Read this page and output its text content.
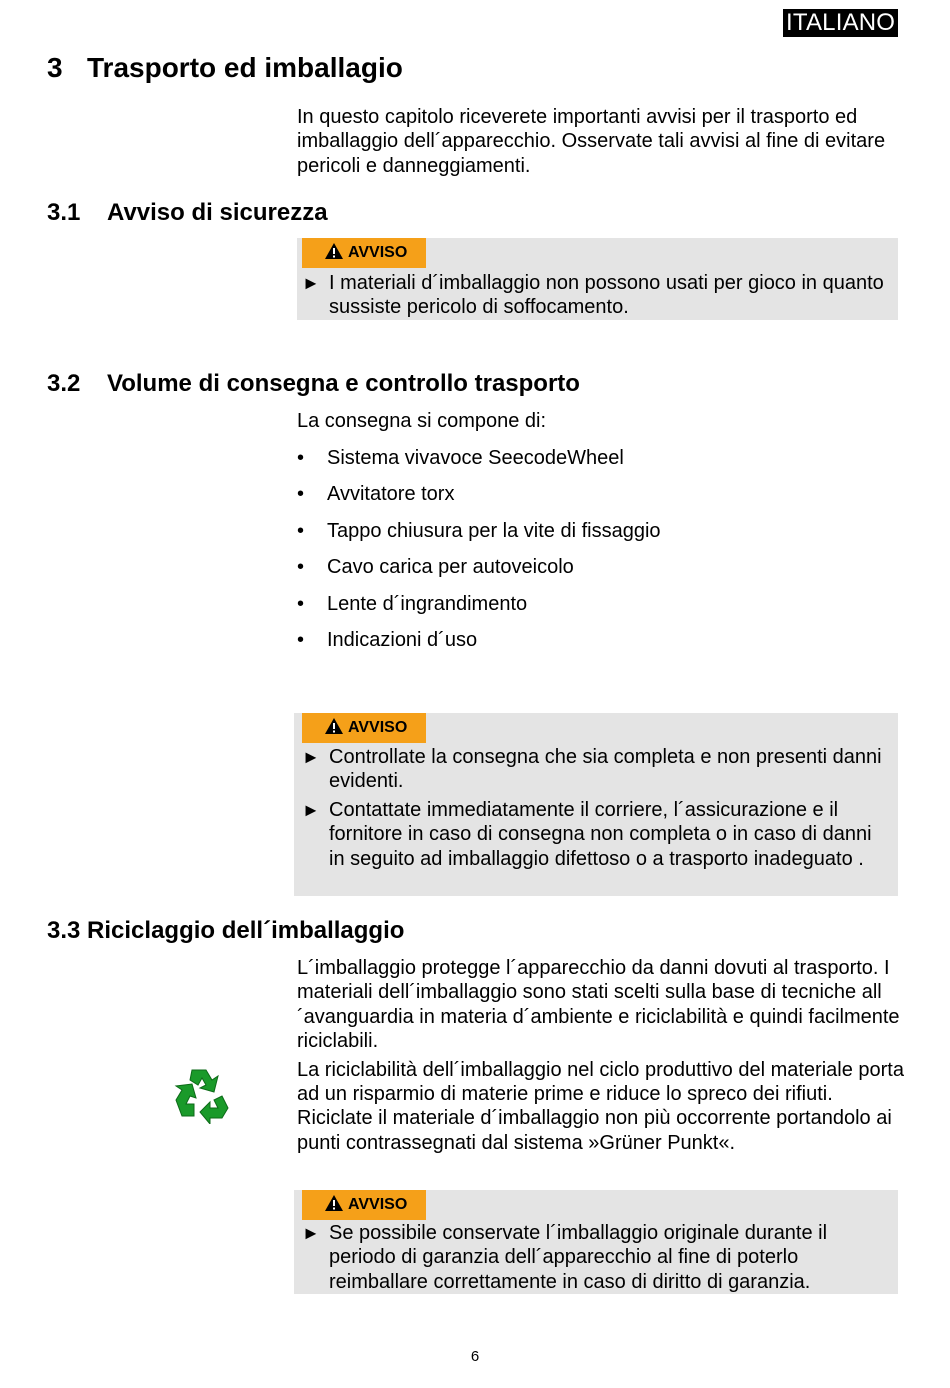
ITALIANO
3 Trasporto ed imballagio

In questo capitolo riceverete importanti avvisi per il trasporto ed imballaggio dell´apparecchio. Osservate tali avvisi al fine di evitare pericoli e danneggiamenti.

3.1 Avviso di sicurezza
AVVISO
► I materiali d´imballaggio non possono usati per gioco in quanto sussiste pericolo di soffocamento.
3.2 Volume di consegna e controllo trasporto
La consegna si compone di:
• Sistema vivavoce SeecodeWheel
• Avvitatore torx
• Tappo chiusura per la vite di fissaggio
• Cavo carica per autoveicolo
• Lente d´ingrandimento
• Indicazioni d´uso
AVVISO
► Controllate la consegna che sia completa e non presenti danni evidenti.
► Contattate immediatamente il corriere, l´assicurazione e il fornitore in caso di consegna non completa o in caso di danni in seguito ad imballaggio difettoso o a trasporto inadeguato .
3.3 Riciclaggio dell´imballaggio

L´imballaggio protegge l´apparecchio da danni dovuti al trasporto. I materiali dell´imballaggio sono stati scelti sulla base di tecniche all´avanguardia in materia d´ambiente e riciclabilità e quindi facilmente riciclabili.

La riciclabilità dell´imballaggio nel ciclo produttivo del materiale porta ad un risparmio di materie prime e riduce lo spreco dei rifiuti. Riciclate il materiale d´imballaggio non più occorrente portandolo ai punti contrassegnati dal sistema »Grüner Punkt«.

AVVISO
► Se possibile conservate l´imballaggio originale durante il periodo di garanzia dell´apparecchio al fine di poterlo reimballare correttamente in caso di diritto di garanzia.
6
